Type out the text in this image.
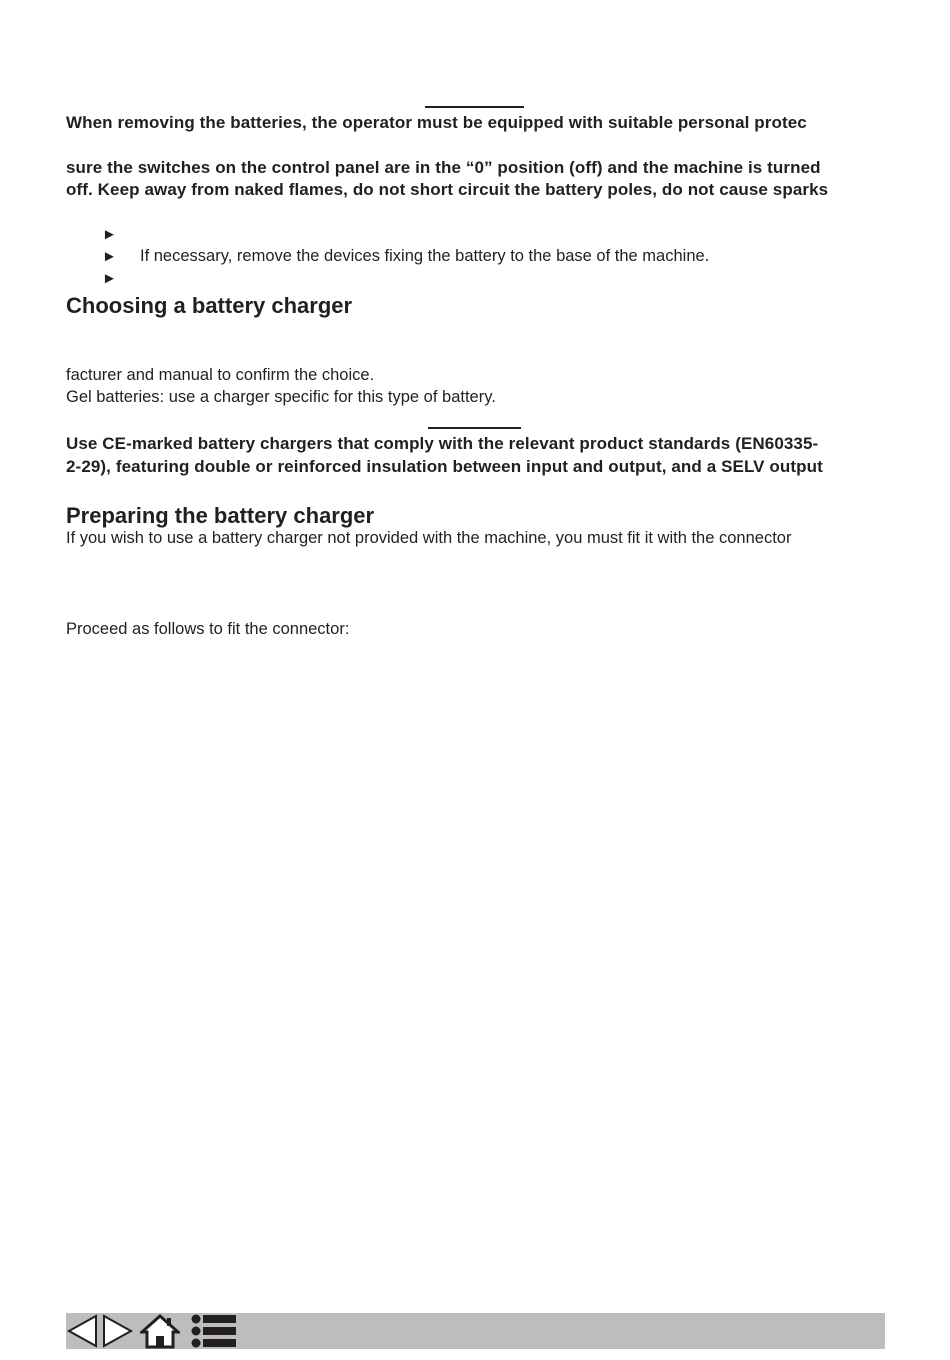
When removing the batteries, the operator must be equipped with suitable personal protec
sure the switches on the control panel are in the “0” position (off) and the machine is turned
off. Keep away from naked flames, do not short circuit the battery poles, do not cause sparks
►
► If necessary, remove the devices fixing the battery to the base of the machine.
►
Choosing a battery charger
facturer and manual to confirm the choice.
Gel batteries: use a charger specific for this type of battery.
Use CE-marked battery chargers that comply with the relevant product standards (EN60335-
2-29), featuring double or reinforced insulation between input and output, and a SELV output
Preparing the battery charger
If you wish to use a battery charger not provided with the machine, you must fit it with the connector
Proceed as follows to fit the connector:
